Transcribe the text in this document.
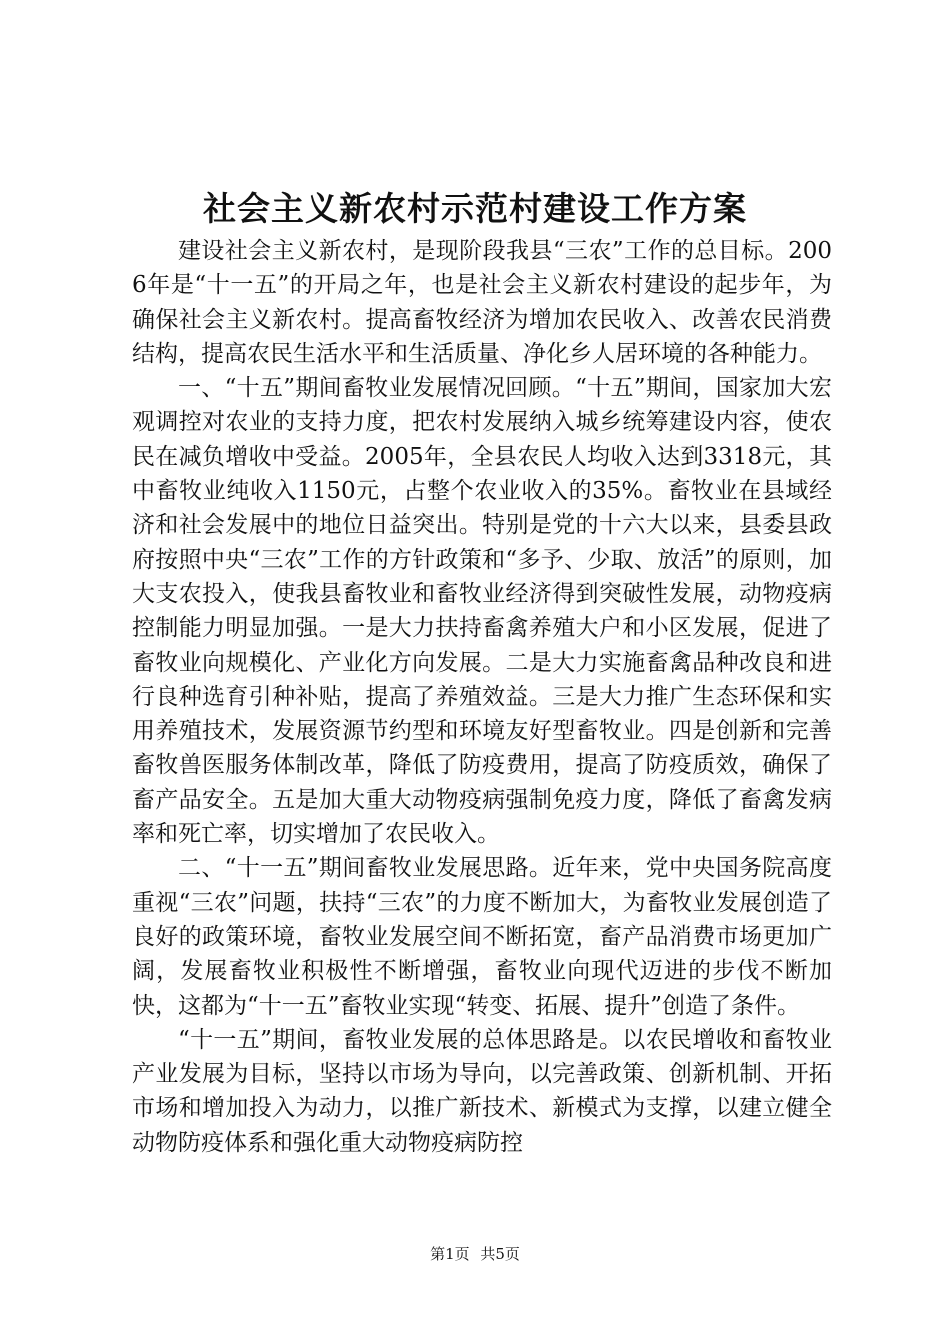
社会主义新农村示范村建设工作方案

建设社会主义新农村，是现阶段我县“三农”工作的总目标。2006年是“十一五”的开局之年，也是社会主义新农村建设的起步年，为确保社会主义新农村。提高畜牧经济为增加农民收入、改善农民消费结构，提高农民生活水平和生活质量、净化乡人居环境的各种能力。

一、“十五”期间畜牧业发展情况回顾。“十五”期间，国家加大宏观调控对农业的支持力度，把农村发展纳入城乡统筹建设内容，使农民在减负增收中受益。2005年，全县农民人均收入达到3318元，其中畜牧业纯收入1150元，占整个农业收入的35%。畜牧业在县域经济和社会发展中的地位日益突出。特别是党的十六大以来，县委县政府按照中央“三农”工作的方针政策和“多予、少取、放活”的原则，加大支农投入，使我县畜牧业和畜牧业经济得到突破性发展，动物疫病控制能力明显加强。一是大力扶持畜禽养殖大户和小区发展，促进了畜牧业向规模化、产业化方向发展。二是大力实施畜禽品种改良和进行良种选育引种补贴，提高了养殖效益。三是大力推广生态环保和实用养殖技术，发展资源节约型和环境友好型畜牧业。四是创新和完善畜牧兽医服务体制改革，降低了防疫费用，提高了防疫质效，确保了畜产品安全。五是加大重大动物疫病强制免疫力度，降低了畜禽发病率和死亡率，切实增加了农民收入。

二、“十一五”期间畜牧业发展思路。近年来，党中央国务院高度重视“三农”问题，扶持“三农”的力度不断加大，为畜牧业发展创造了良好的政策环境，畜牧业发展空间不断拓宽，畜产品消费市场更加广阔，发展畜牧业积极性不断增强，畜牧业向现代迈进的步伐不断加快，这都为“十一五”畜牧业实现“转变、拓展、提升”创造了条件。

“十一五”期间，畜牧业发展的总体思路是。以农民增收和畜牧业产业发展为目标，坚持以市场为导向，以完善政策、创新机制、开拓市场和增加投入为动力，以推广新技术、新模式为支撑，以建立健全动物防疫体系和强化重大动物疫病防控

第1页 共5页
